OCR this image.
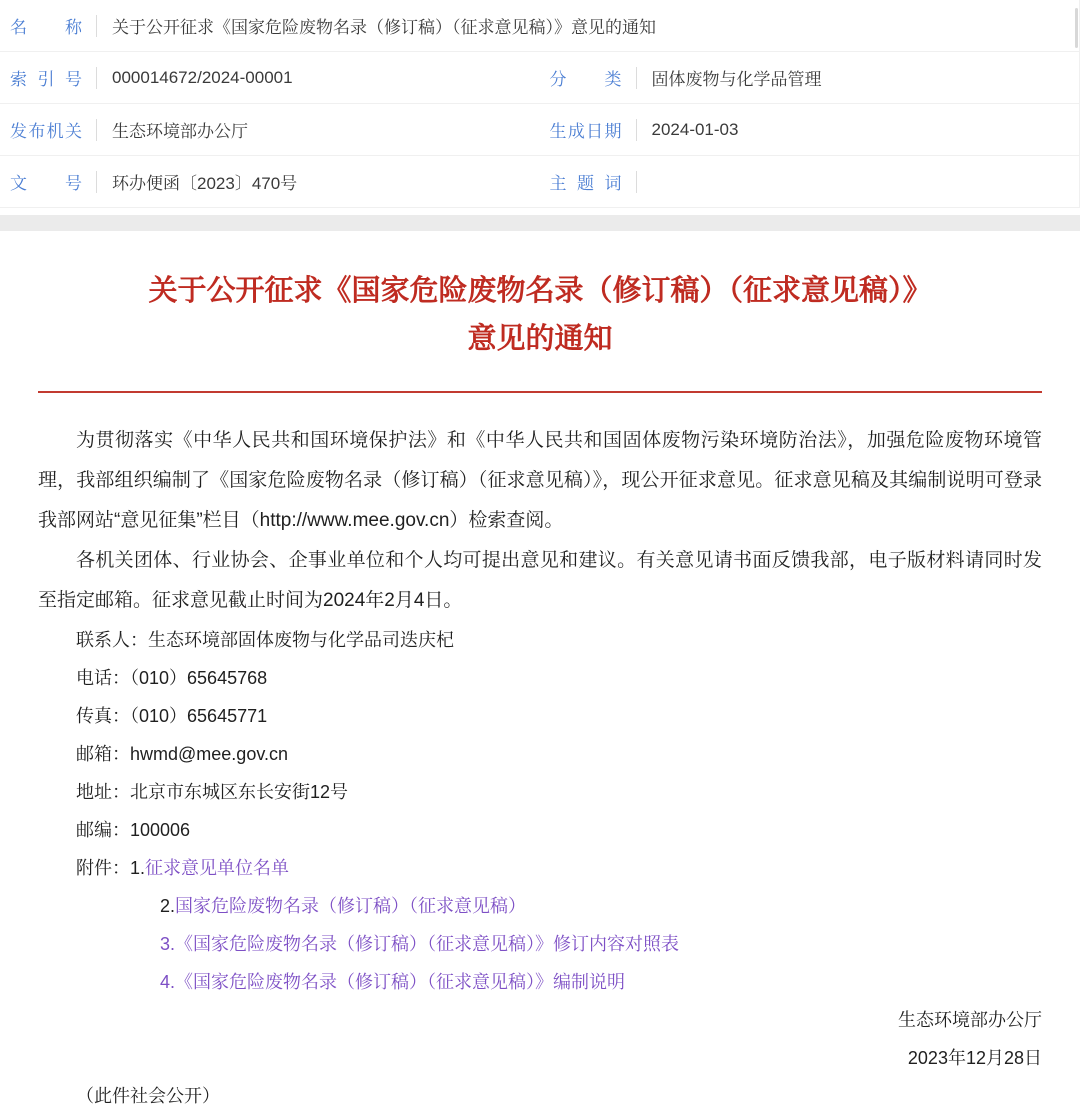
名称 关于公开征求《国家危险废物名录（修订稿）（征求意见稿）》意见的通知
索引号 000014672/2024-00001	分类 固体废物与化学品管理
发布机关 生态环境部办公厅	生成日期 2024-01-03
文号 环办便函〔2023〕470号	主题词
关于公开征求《国家危险废物名录（修订稿）（征求意见稿）》
意见的通知

为贯彻落实《中华人民共和国环境保护法》和《中华人民共和国固体废物污染环境防治法》，加强危险废物环境管理，我部组织编制了《国家危险废物名录（修订稿）（征求意见稿）》，现公开征求意见。征求意见稿及其编制说明可登录我部网站“意见征集”栏目（http://www.mee.gov.cn）检索查阅。

各机关团体、行业协会、企事业单位和个人均可提出意见和建议。有关意见请书面反馈我部，电子版材料请同时发至指定邮箱。征求意见截止时间为2024年2月4日。

联系人：生态环境部固体废物与化学品司迭庆杞

电话：（010）65645768

传真：（010）65645771

邮箱：hwmd@mee.gov.cn

地址：北京市东城区东长安街12号

邮编：100006

附件：1.征求意见单位名单

2.国家危险废物名录（修订稿）（征求意见稿）

3.《国家危险废物名录（修订稿）（征求意见稿）》修订内容对照表

4.《国家危险废物名录（修订稿）（征求意见稿）》编制说明

生态环境部办公厅

2023年12月28日

（此件社会公开）
